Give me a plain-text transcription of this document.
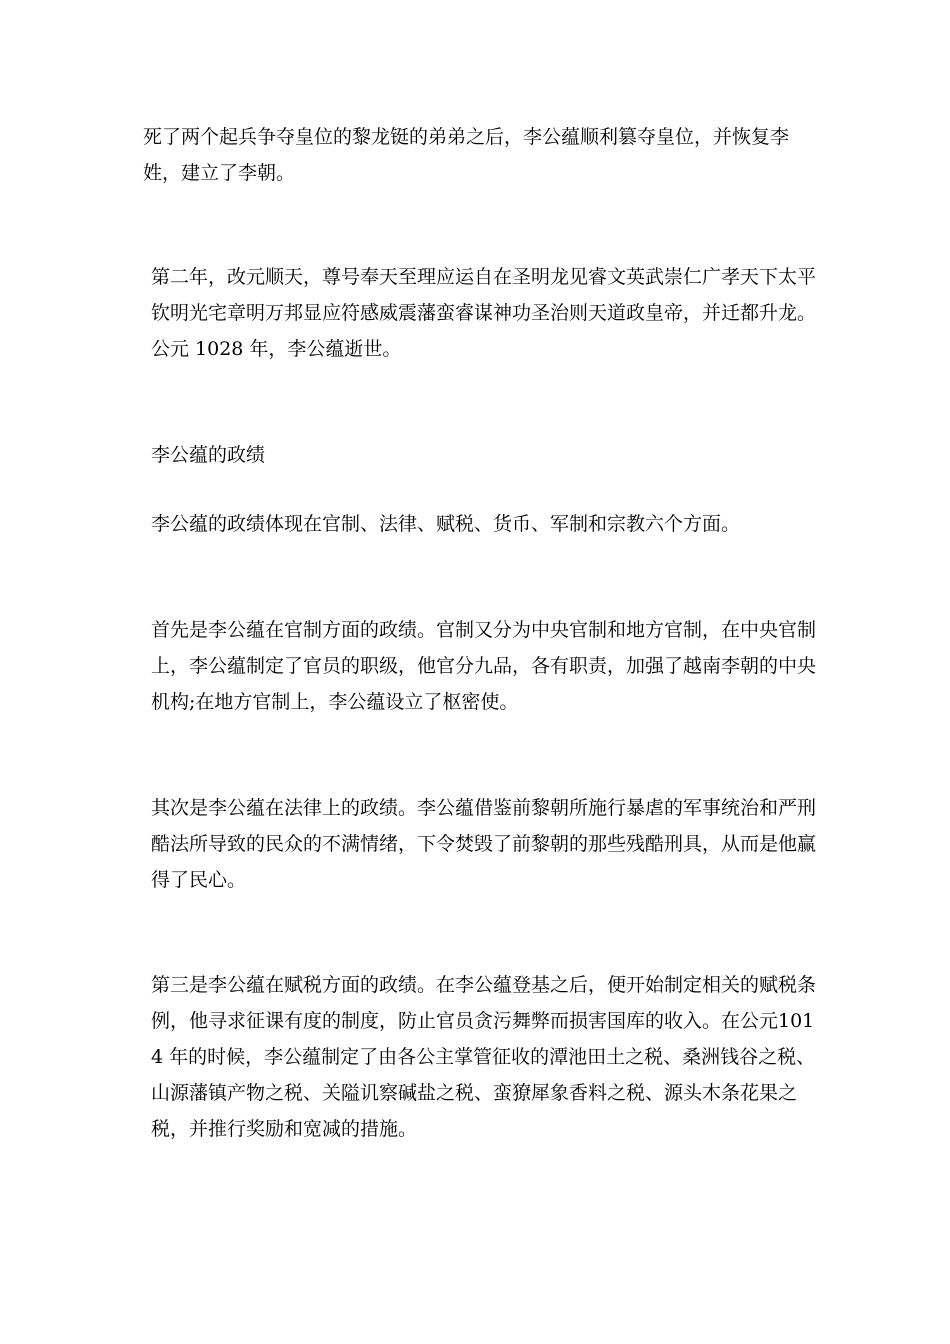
死了两个起兵争夺皇位的黎龙铤的弟弟之后，李公蕴顺利篡夺皇位，并恢复李姓，建立了李朝。

第二年，改元顺天，尊号奉天至理应运自在圣明龙见睿文英武崇仁广孝天下太平钦明光宅章明万邦显应符感威震藩蛮睿谋神功圣治则天道政皇帝，并迁都升龙。公元 1028 年，李公蕴逝世。

李公蕴的政绩

李公蕴的政绩体现在官制、法律、赋税、货币、军制和宗教六个方面。

首先是李公蕴在官制方面的政绩。官制又分为中央官制和地方官制，在中央官制上，李公蕴制定了官员的职级，他官分九品，各有职责，加强了越南李朝的中央机构;在地方官制上，李公蕴设立了枢密使。

其次是李公蕴在法律上的政绩。李公蕴借鉴前黎朝所施行暴虐的军事统治和严刑酷法所导致的民众的不满情绪，下令焚毁了前黎朝的那些残酷刑具，从而是他赢得了民心。

第三是李公蕴在赋税方面的政绩。在李公蕴登基之后，便开始制定相关的赋税条例，他寻求征课有度的制度，防止官员贪污舞弊而损害国库的收入。在公元1014 年的时候，李公蕴制定了由各公主掌管征收的潭池田土之税、桑洲钱谷之税、山源藩镇产物之税、关隘讥察碱盐之税、蛮獠犀象香料之税、源头木条花果之税，并推行奖励和宽减的措施。
